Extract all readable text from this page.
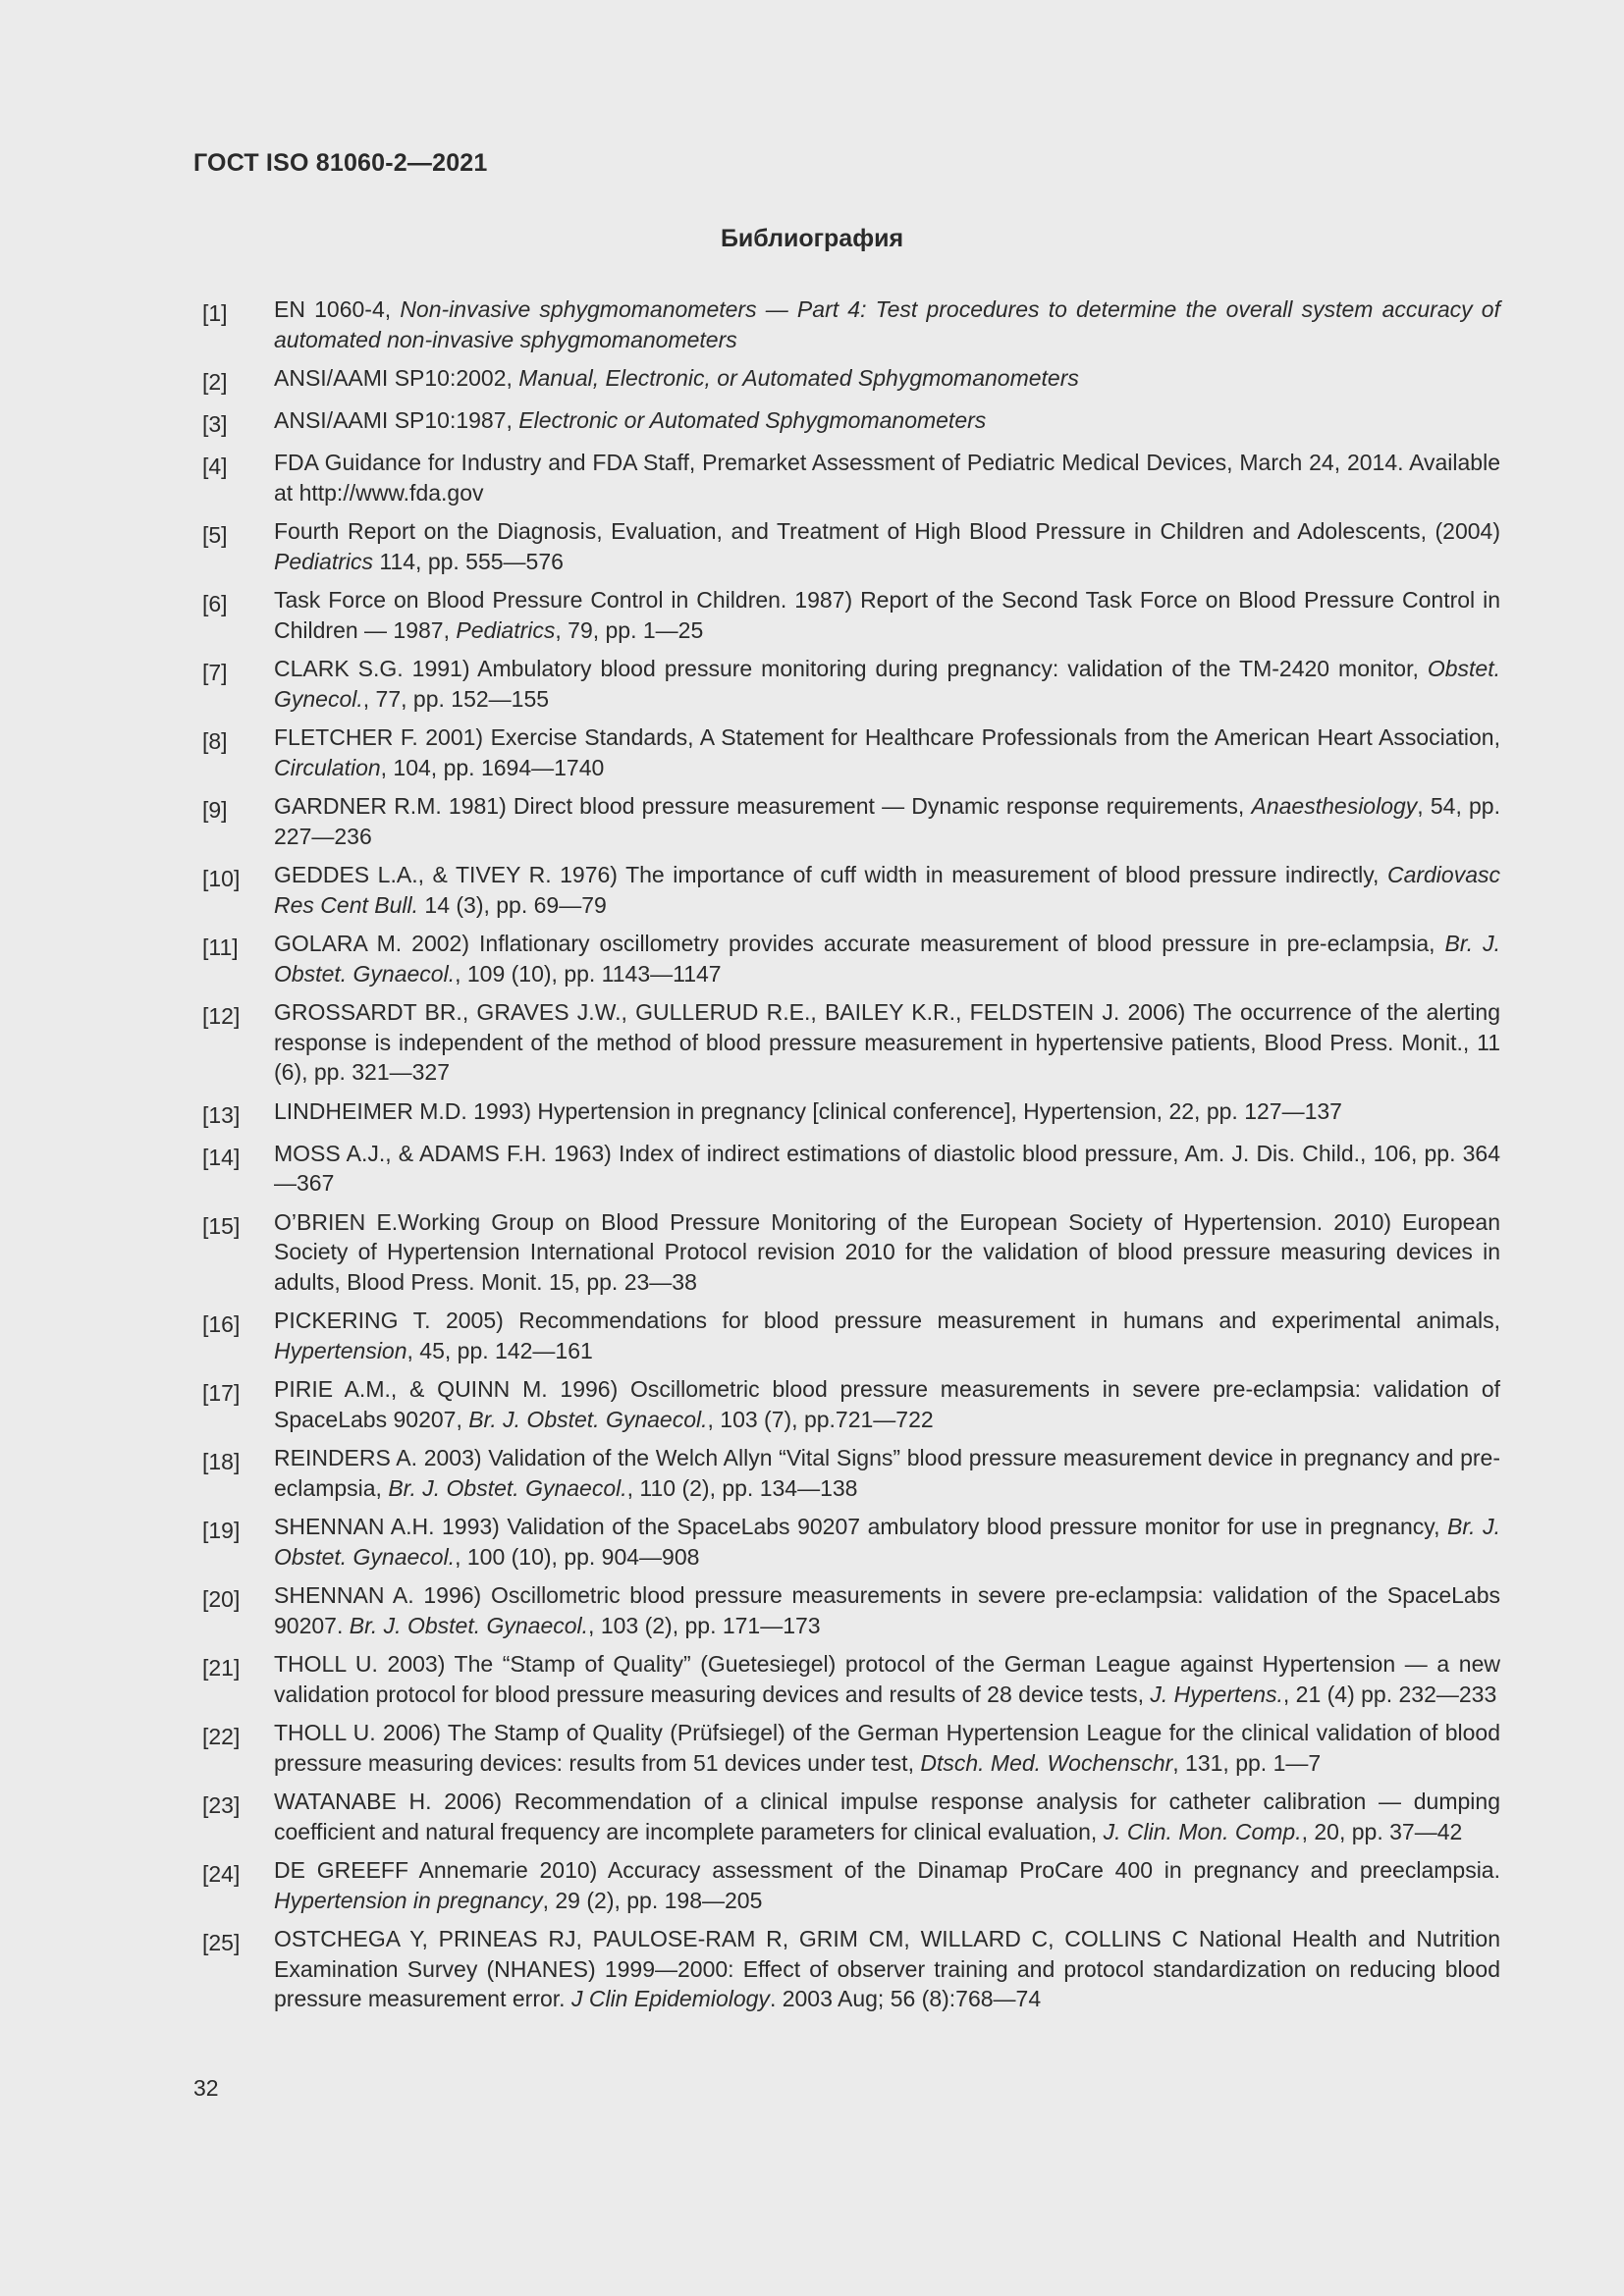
ГОСТ ISO 81060-2—2021
Библиография
[1]	EN 1060-4, Non-invasive sphygmomanometers — Part 4: Test procedures to determine the overall system accuracy of automated non-invasive sphygmomanometers
[2]	ANSI/AAMI SP10:2002, Manual, Electronic, or Automated Sphygmomanometers
[3]	ANSI/AAMI SP10:1987, Electronic or Automated Sphygmomanometers
[4]	FDA Guidance for Industry and FDA Staff, Premarket Assessment of Pediatric Medical Devices, March 24, 2014. Available at http://www.fda.gov
[5]	Fourth Report on the Diagnosis, Evaluation, and Treatment of High Blood Pressure in Children and Adolescents, (2004) Pediatrics 114, pp. 555—576
[6]	Task Force on Blood Pressure Control in Children. 1987) Report of the Second Task Force on Blood Pressure Control in Children — 1987, Pediatrics, 79, pp. 1—25
[7]	CLARK S.G. 1991) Ambulatory blood pressure monitoring during pregnancy: validation of the TM-2420 monitor, Obstet. Gynecol., 77, pp. 152—155
[8]	FLETCHER F. 2001) Exercise Standards, A Statement for Healthcare Professionals from the American Heart Association, Circulation, 104, pp. 1694—1740
[9]	GARDNER R.M. 1981) Direct blood pressure measurement — Dynamic response requirements, Anaesthesiology, 54, pp. 227—236
[10]	GEDDES L.A., & TIVEY R. 1976) The importance of cuff width in measurement of blood pressure indirectly, Cardiovasc Res Cent Bull. 14 (3), pp. 69—79
[11]	GOLARA M. 2002) Inflationary oscillometry provides accurate measurement of blood pressure in pre-eclampsia, Br. J. Obstet. Gynaecol., 109 (10), pp. 1143—1147
[12]	GROSSARDT BR., GRAVES J.W., GULLERUD R.E., BAILEY K.R., FELDSTEIN J. 2006) The occurrence of the alerting response is independent of the method of blood pressure measurement in hypertensive patients, Blood Press. Monit., 11 (6), pp. 321—327
[13]	LINDHEIMER M.D. 1993) Hypertension in pregnancy [clinical conference], Hypertension, 22, pp. 127—137
[14]	MOSS A.J., & ADAMS F.H. 1963) Index of indirect estimations of diastolic blood pressure, Am. J. Dis. Child., 106, pp. 364—367
[15]	O’BRIEN E.Working Group on Blood Pressure Monitoring of the European Society of Hypertension. 2010) European Society of Hypertension International Protocol revision 2010 for the validation of blood pressure measuring devices in adults, Blood Press. Monit. 15, pp. 23—38
[16]	PICKERING T. 2005) Recommendations for blood pressure measurement in humans and experimental animals, Hypertension, 45, pp. 142—161
[17]	PIRIE A.M., & QUINN M. 1996) Oscillometric blood pressure measurements in severe pre-eclampsia: validation of SpaceLabs 90207, Br. J. Obstet. Gynaecol., 103 (7), pp.721—722
[18]	REINDERS A. 2003) Validation of the Welch Allyn “Vital Signs” blood pressure measurement device in pregnancy and pre-eclampsia, Br. J. Obstet. Gynaecol., 110 (2), pp. 134—138
[19]	SHENNAN A.H. 1993) Validation of the SpaceLabs 90207 ambulatory blood pressure monitor for use in pregnancy, Br. J. Obstet. Gynaecol., 100 (10), pp. 904—908
[20]	SHENNAN A. 1996) Oscillometric blood pressure measurements in severe pre-eclampsia: validation of the SpaceLabs 90207. Br. J. Obstet. Gynaecol., 103 (2), pp. 171—173
[21]	THOLL U. 2003) The “Stamp of Quality” (Guetesiegel) protocol of the German League against Hypertension — a new validation protocol for blood pressure measuring devices and results of 28 device tests, J. Hypertens., 21 (4) pp. 232—233
[22]	THOLL U. 2006) The Stamp of Quality (Prüfsiegel) of the German Hypertension League for the clinical validation of blood pressure measuring devices: results from 51 devices under test, Dtsch. Med. Wochenschr, 131, pp. 1—7
[23]	WATANABE H. 2006) Recommendation of a clinical impulse response analysis for catheter calibration — dumping coefficient and natural frequency are incomplete parameters for clinical evaluation, J. Clin. Mon. Comp., 20, pp. 37—42
[24]	DE GREEFF Annemarie 2010) Accuracy assessment of the Dinamap ProCare 400 in pregnancy and preeclampsia. Hypertension in pregnancy, 29 (2), pp. 198—205
[25]	OSTCHEGA Y, PRINEAS RJ, PAULOSE-RAM R, GRIM CM, WILLARD C, COLLINS C National Health and Nutrition Examination Survey (NHANES) 1999—2000: Effect of observer training and protocol standardization on reducing blood pressure measurement error. J Clin Epidemiology. 2003 Aug; 56 (8):768—74
32
